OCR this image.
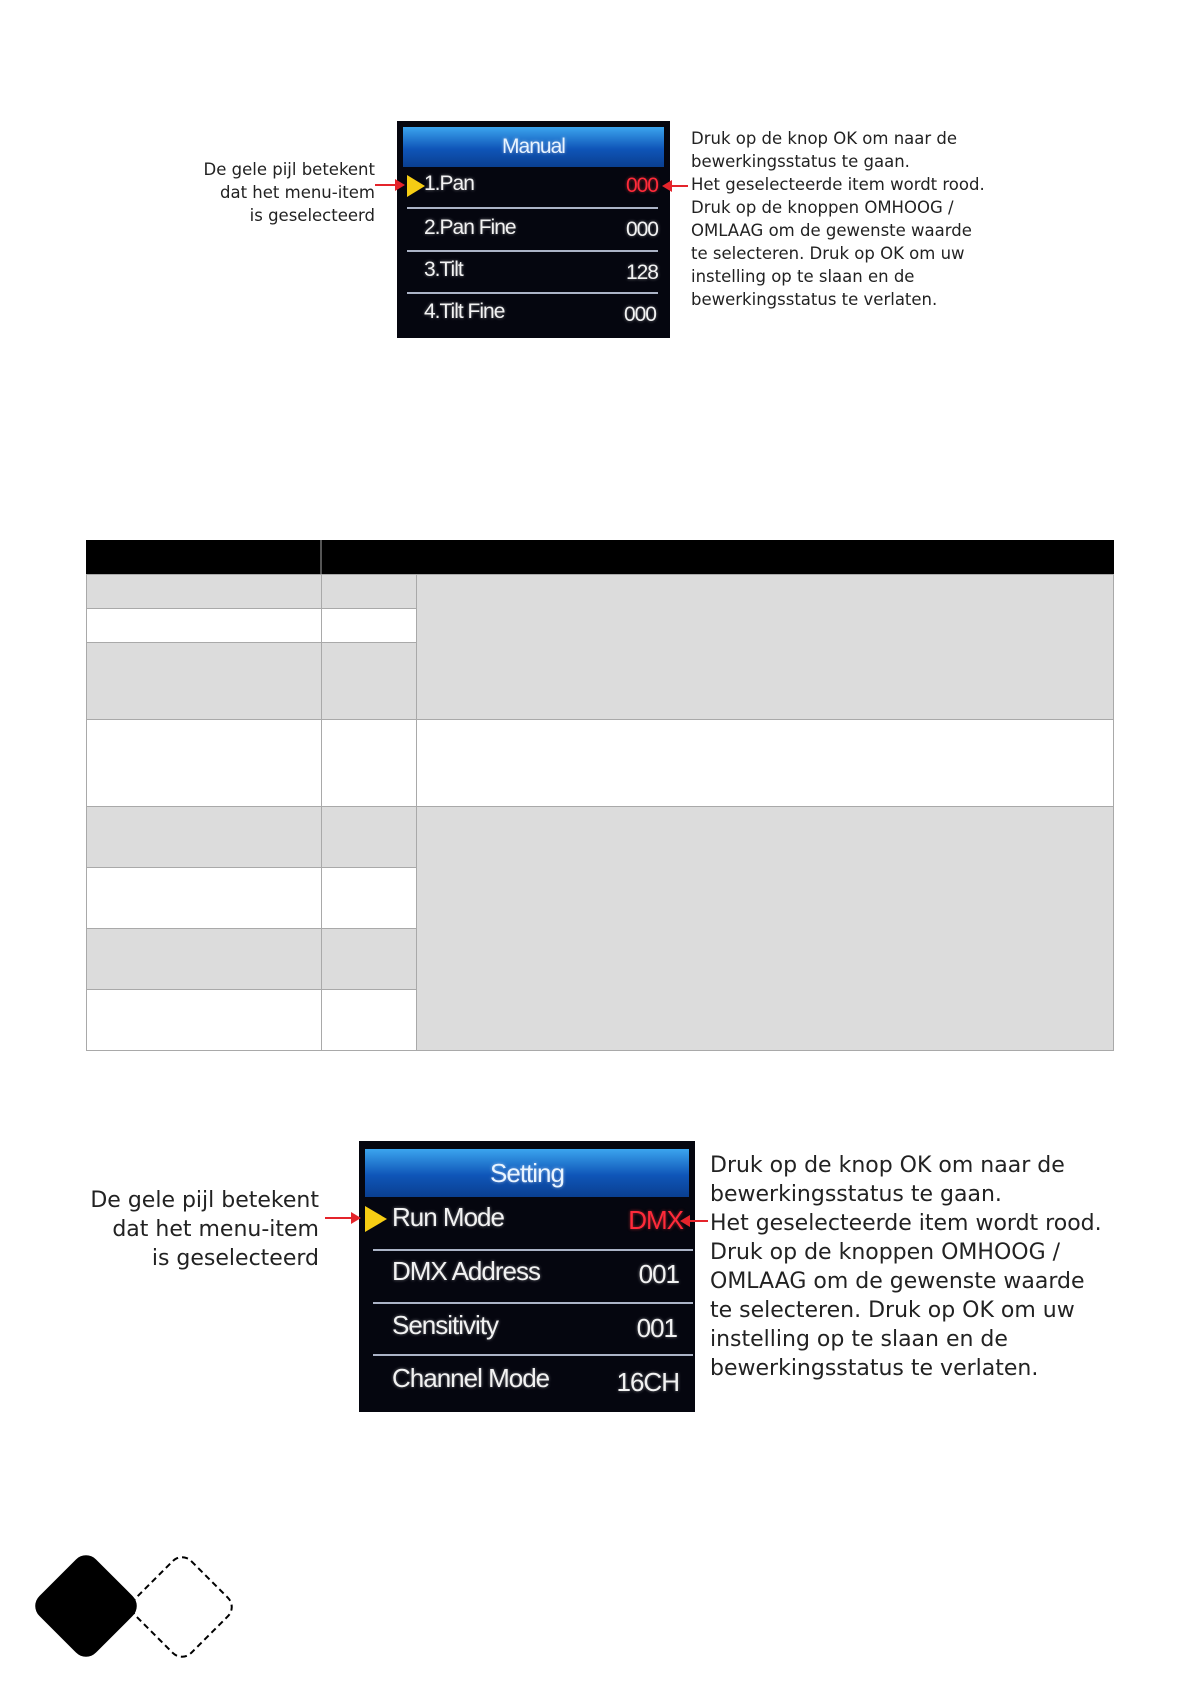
Manual
1.Pan	000
2.Pan Fine	000
3.Tilt	128
4.Tilt Fine	000
De gele pijl betekent
dat het menu-item
is geselecteerd
Druk op de knop OK om naar de
bewerkingsstatus te gaan.
Het geselecteerde item wordt rood.
Druk op de knoppen OMHOOG /
OMLAAG om de gewenste waarde
te selecteren. Druk op OK om uw
instelling op te slaan en de
bewerkingsstatus te verlaten.
Setting
Run Mode	DMX
DMX Address	001
Sensitivity	001
Channel Mode	16CH
De gele pijl betekent
dat het menu-item
is geselecteerd
Druk op de knop OK om naar de
bewerkingsstatus te gaan.
Het geselecteerde item wordt rood.
Druk op de knoppen OMHOOG /
OMLAAG om de gewenste waarde
te selecteren. Druk op OK om uw
instelling op te slaan en de
bewerkingsstatus te verlaten.
